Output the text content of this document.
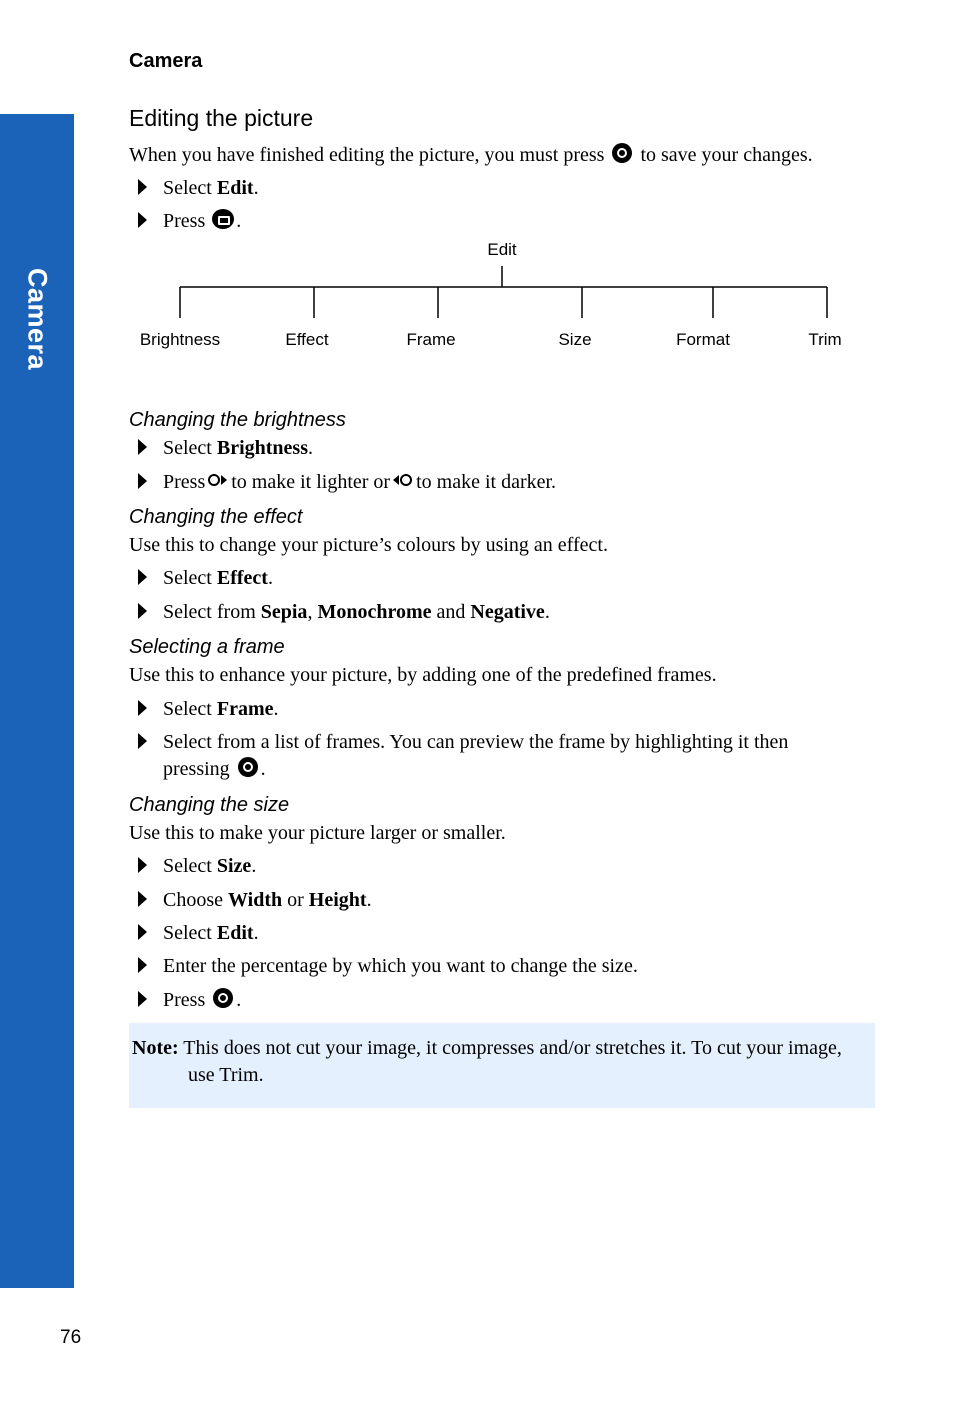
Camera
Camera
Editing the picture
When you have finished editing the picture, you must press to save your changes.
Select Edit.
Press .
Edit
Brightness	Effect	Frame	Size	Format	Trim
Changing the brightness
Select Brightness.
Press to make it lighter or to make it darker.
Changing the effect
Use this to change your picture’s colours by using an effect.
Select Effect.
Select from Sepia, Monochrome and Negative.
Selecting a frame
Use this to enhance your picture, by adding one of the predefined frames.
Select Frame.
Select from a list of frames. You can preview the frame by highlighting it then pressing .
Changing the size
Use this to make your picture larger or smaller.
Select Size.
Choose Width or Height.
Select Edit.
Enter the percentage by which you want to change the size.
Press .
Note: This does not cut your image, it compresses and/or stretches it. To cut your image,
use Trim.
76
